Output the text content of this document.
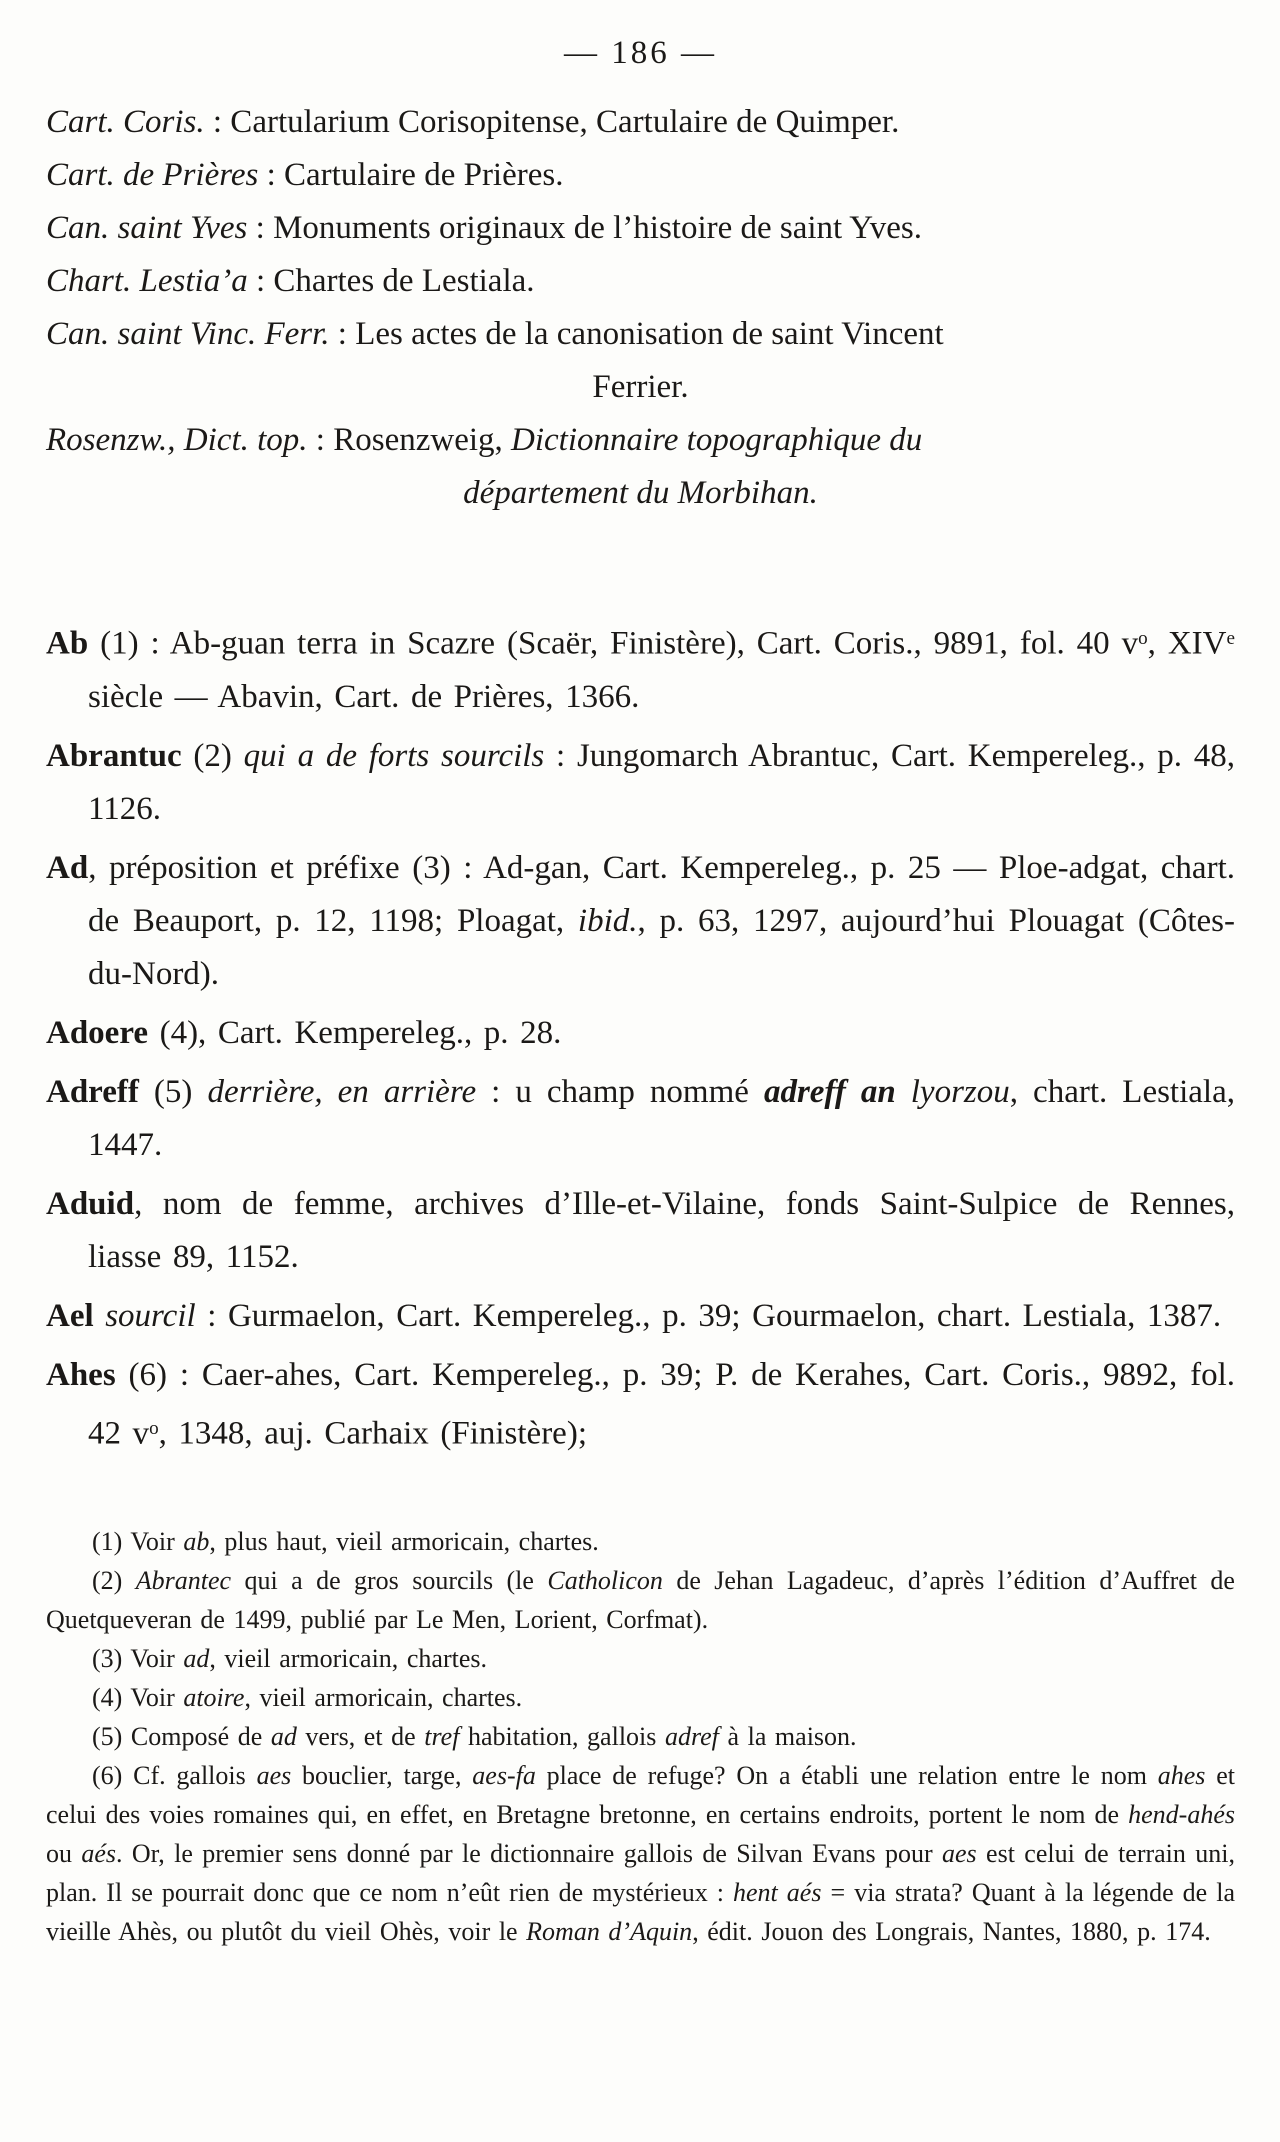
— 186 —

Cart. Coris. : Cartularium Corisopitense, Cartulaire de Quimper.

Cart. de Prières : Cartulaire de Prières.

Can. saint Yves : Monuments originaux de l’histoire de saint Yves.

Chart. Lestia’a : Chartes de Lestiala.

Can. saint Vinc. Ferr. : Les actes de la canonisation de saint Vincent

Ferrier.

Rosenzw., Dict. top. : Rosenzweig, Dictionnaire topographique du

département du Morbihan.

Ab (1) : Ab-guan terra in Scazre (Scaër, Finistère), Cart. Coris., 9891, fol. 40 $v^o$, XIVe siècle — Abavin, Cart. de Prières, 1366.

Abrantuc (2) qui a de forts sourcils : Jungomarch Abrantuc, Cart. Kempereleg., p. 48, 1126.

Ad, préposition et préfixe (3) : Ad-gan, Cart. Kempereleg., p. 25 — Ploe-adgat, chart. de Beauport, p. 12, 1198; Ploagat, ibid., p. 63, 1297, aujourd’hui Plouagat (Côtes-du-Nord).

Adoere (4), Cart. Kempereleg., p. 28.

Adreff (5) derrière, en arrière : u champ nommé adreff an lyorzou, chart. Lestiala, 1447.

Aduid, nom de femme, archives d’Ille-et-Vilaine, fonds Saint-Sulpice de Rennes, liasse 89, 1152.

Ael sourcil : Gurmaelon, Cart. Kempereleg., p. 39; Gourmaelon, chart. Lestiala, 1387.

Ahes (6) : Caer-ahes, Cart. Kempereleg., p. 39; P. de Kerahes, Cart. Coris., 9892, fol. 42 $v^o$, 1348, auj. Carhaix (Finistère);

(1) Voir ab, plus haut, vieil armoricain, chartes.

(2) Abrantec qui a de gros sourcils (le Catholicon de Jehan Lagadeuc, d’après l’édition d’Auffret de Quetqueveran de 1499, publié par Le Men, Lorient, Corfmat).

(3) Voir ad, vieil armoricain, chartes.

(4) Voir atoire, vieil armoricain, chartes.

(5) Composé de ad vers, et de tref habitation, gallois adref à la maison.

(6) Cf. gallois aes bouclier, targe, aes-fa place de refuge? On a établi une relation entre le nom ahes et celui des voies romaines qui, en effet, en Bretagne bretonne, en certains endroits, portent le nom de hend-ahés ou aés. Or, le premier sens donné par le dictionnaire gallois de Silvan Evans pour aes est celui de terrain uni, plan. Il se pourrait donc que ce nom n’eût rien de mystérieux : hent aés = via strata? Quant à la légende de la vieille Ahès, ou plutôt du vieil Ohès, voir le Roman d’Aquin, édit. Jouon des Longrais, Nantes, 1880, p. 174.
